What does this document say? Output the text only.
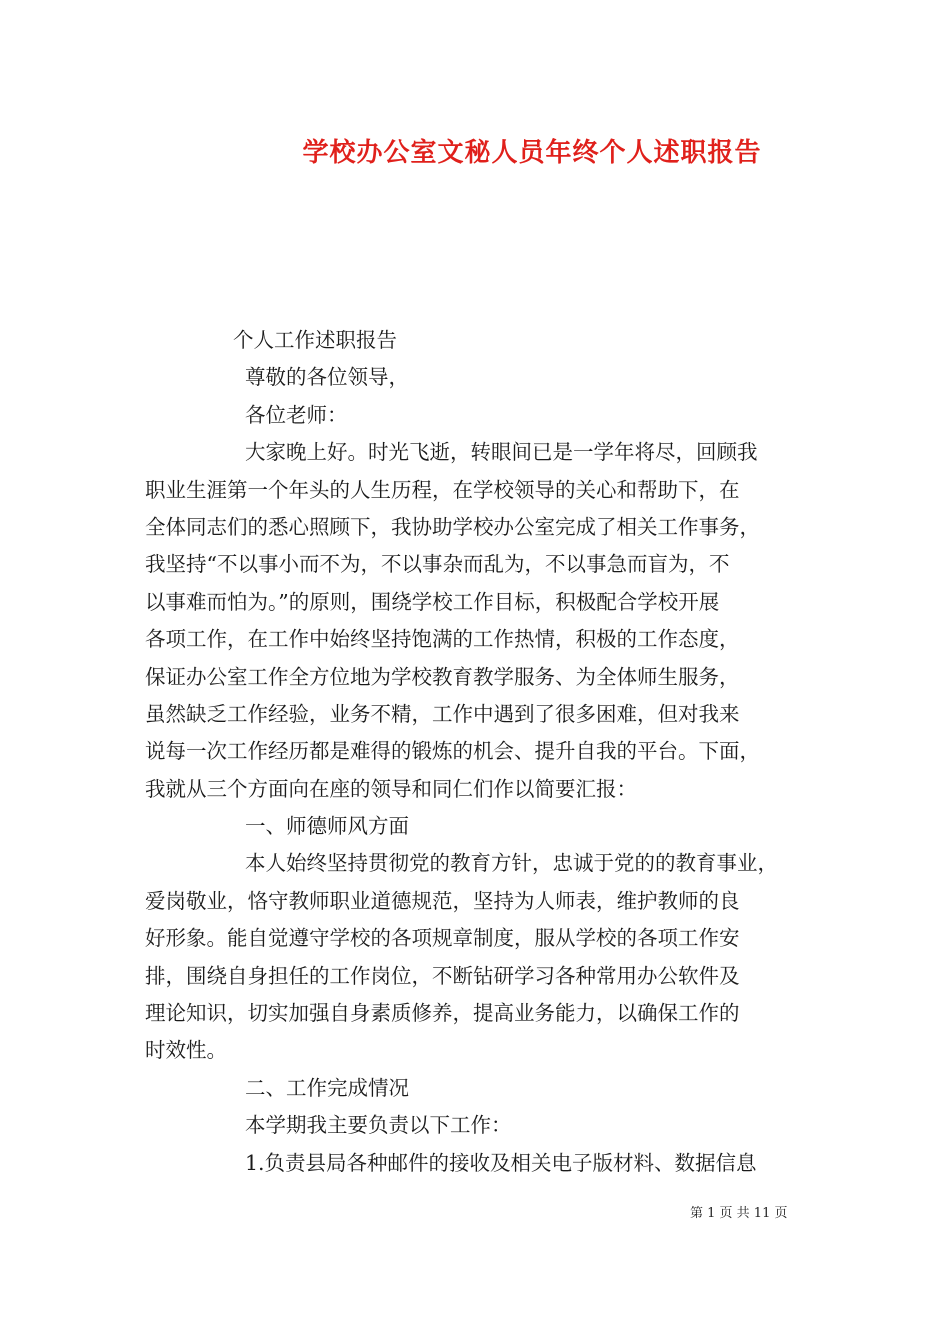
学校办公室文秘人员年终个人述职报告

个人工作述职报告

尊敬的各位领导，

各位老师：

大家晚上好。时光飞逝，转眼间已是一学年将尽，回顾我

职业生涯第一个年头的人生历程，在学校领导的关心和帮助下，在

全体同志们的悉心照顾下，我协助学校办公室完成了相关工作事务，

我坚持“不以事小而不为，不以事杂而乱为，不以事急而盲为，不

以事难而怕为。”的原则，围绕学校工作目标，积极配合学校开展

各项工作，在工作中始终坚持饱满的工作热情，积极的工作态度，

保证办公室工作全方位地为学校教育教学服务、为全体师生服务，

虽然缺乏工作经验，业务不精，工作中遇到了很多困难，但对我来

说每一次工作经历都是难得的锻炼的机会、提升自我的平台。下面，

我就从三个方面向在座的领导和同仁们作以简要汇报：

一、师德师风方面

本人始终坚持贯彻党的教育方针，忠诚于党的的教育事业，

爱岗敬业，恪守教师职业道德规范，坚持为人师表，维护教师的良

好形象。能自觉遵守学校的各项规章制度，服从学校的各项工作安

排，围绕自身担任的工作岗位，不断钻研学习各种常用办公软件及

理论知识，切实加强自身素质修养，提高业务能力，以确保工作的

时效性。

二、工作完成情况

本学期我主要负责以下工作：

1.负责县局各种邮件的接收及相关电子版材料、数据信息

第 1 页 共 11 页
